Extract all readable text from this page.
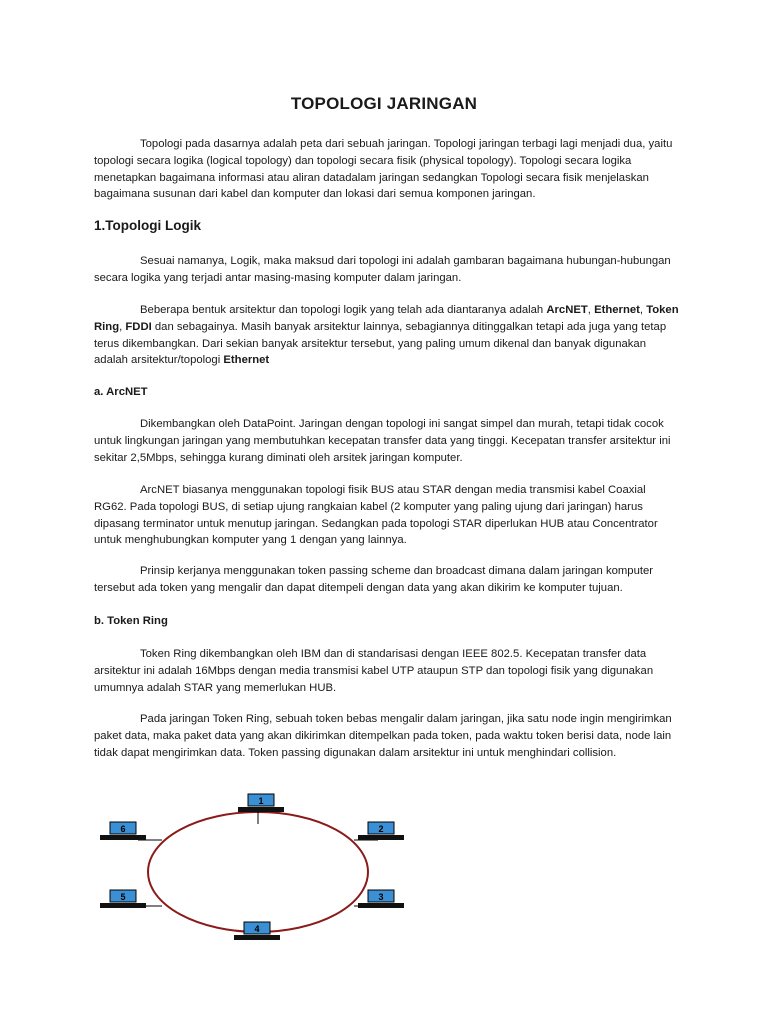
TOPOLOGI JARINGAN

Topologi pada dasarnya adalah peta dari sebuah jaringan. Topologi jaringan terbagi lagi menjadi dua, yaitu topologi secara logika (logical topology) dan topologi secara fisik (physical topology). Topologi secara logika menetapkan bagaimana informasi atau aliran datadalam jaringan sedangkan Topologi secara fisik menjelaskan bagaimana susunan dari kabel dan komputer dan lokasi dari semua komponen jaringan.

1.Topologi Logik

Sesuai namanya, Logik, maka maksud dari topologi ini adalah gambaran bagaimana hubungan-hubungan secara logika yang terjadi antar masing-masing komputer dalam jaringan.

Beberapa bentuk arsitektur dan topologi logik yang telah ada diantaranya adalah ArcNET, Ethernet, Token Ring, FDDI dan sebagainya. Masih banyak arsitektur lainnya, sebagiannya ditinggalkan tetapi ada juga yang tetap terus dikembangkan. Dari sekian banyak arsitektur tersebut, yang paling umum dikenal dan banyak digunakan adalah arsitektur/topologi Ethernet

a. ArcNET

Dikembangkan oleh DataPoint. Jaringan dengan topologi ini sangat simpel dan murah, tetapi tidak cocok untuk lingkungan jaringan yang membutuhkan kecepatan transfer data yang tinggi. Kecepatan transfer arsitektur ini sekitar 2,5Mbps, sehingga kurang diminati oleh arsitek jaringan komputer.

ArcNET biasanya menggunakan topologi fisik BUS atau STAR dengan media transmisi kabel Coaxial RG62. Pada topologi BUS, di setiap ujung rangkaian kabel (2 komputer yang paling ujung dari jaringan) harus dipasang terminator untuk menutup jaringan. Sedangkan pada topologi STAR diperlukan HUB atau Concentrator untuk menghubungkan komputer yang 1 dengan yang lainnya.

Prinsip kerjanya menggunakan token passing scheme dan broadcast dimana dalam jaringan komputer tersebut ada token yang mengalir dan dapat ditempeli dengan data yang akan dikirim ke komputer tujuan.

b. Token Ring

Token Ring dikembangkan oleh IBM dan di standarisasi dengan IEEE 802.5. Kecepatan transfer data arsitektur ini adalah 16Mbps dengan media transmisi kabel UTP ataupun STP dan topologi fisik yang digunakan umumnya adalah STAR yang memerlukan HUB.

Pada jaringan Token Ring, sebuah token bebas mengalir dalam jaringan, jika satu node ingin mengirimkan paket data, maka paket data yang akan dikirimkan ditempelkan pada token, pada waktu token berisi data, node lain tidak dapat mengirimkan data. Token passing digunakan dalam arsitektur ini untuk menghindari collision.

1
2
3
4
5
6
